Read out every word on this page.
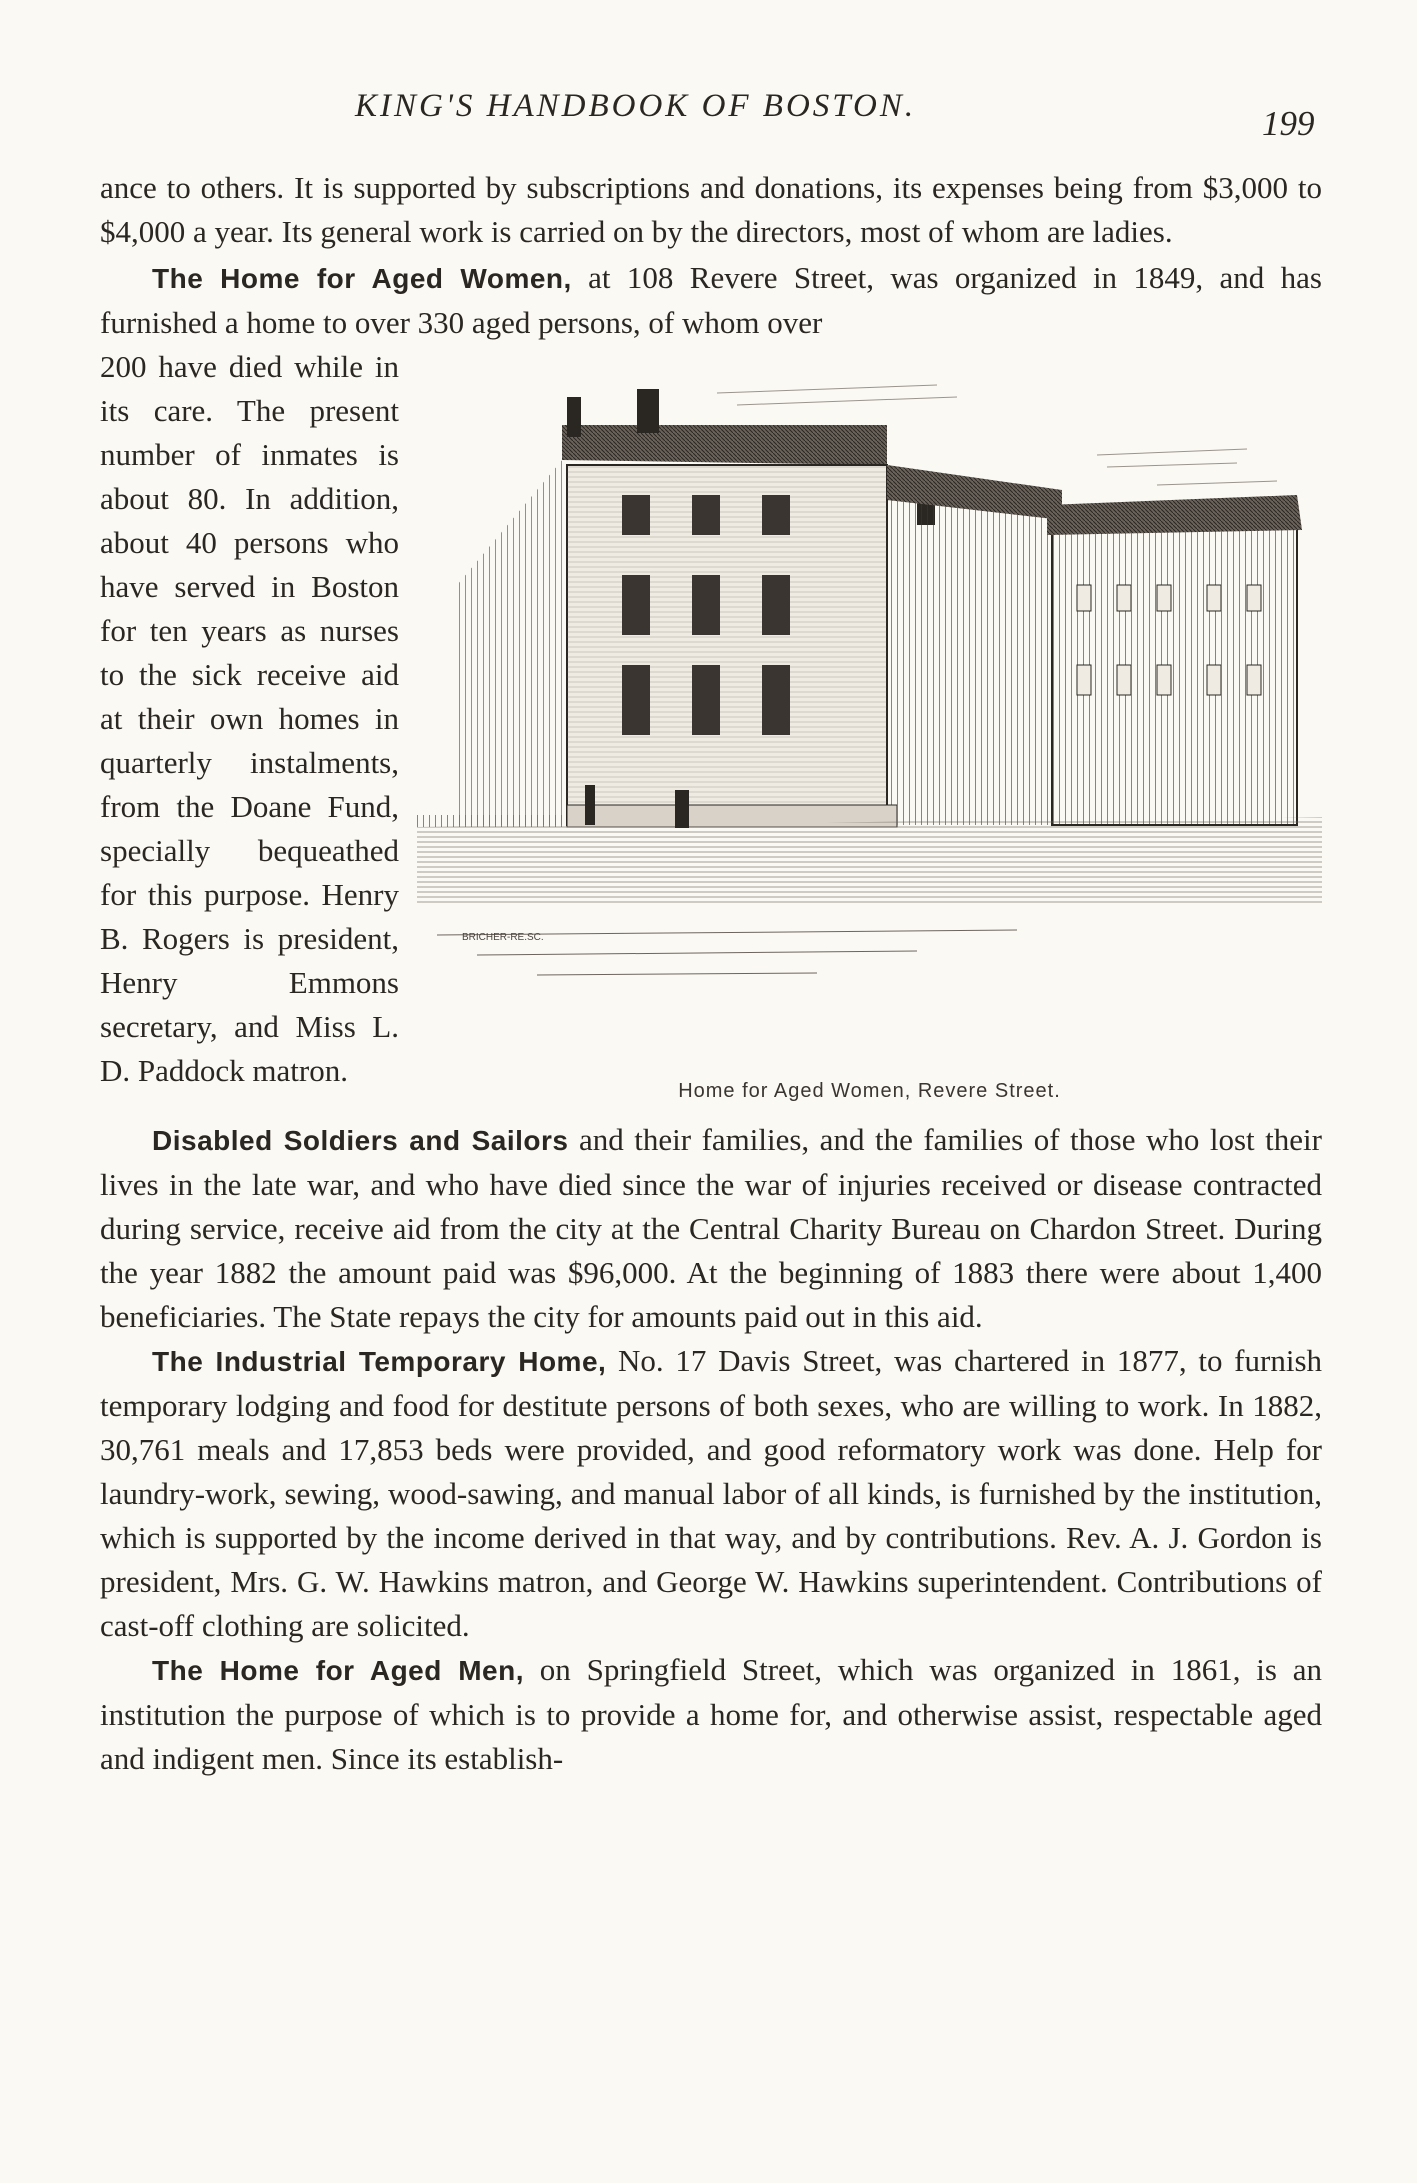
KING'S HANDBOOK OF BOSTON.	199

ance to others. It is supported by subscriptions and donations, its expenses being from $3,000 to $4,000 a year. Its general work is carried on by the directors, most of whom are ladies.

The Home for Aged Women, at 108 Revere Street, was organized in 1849, and has furnished a home to over 330 aged persons, of whom over

BRICHER-RE.SC.
Home for Aged Women, Revere Street.

200 have died while in its care. The present number of inmates is about 80. In addition, about 40 persons who have served in Boston for ten years as nurses to the sick receive aid at their own homes in quarterly instalments, from the Doane Fund, specially bequeathed for this purpose. Henry B. Rogers is president, Henry Emmons secretary, and Miss L. D. Paddock matron.

Disabled Soldiers and Sailors and their families, and the families of those who lost their lives in the late war, and who have died since the war of injuries received or disease contracted during service, receive aid from the city at the Central Charity Bureau on Chardon Street. During the year 1882 the amount paid was $96,000. At the beginning of 1883 there were about 1,400 beneficiaries. The State repays the city for amounts paid out in this aid.

The Industrial Temporary Home, No. 17 Davis Street, was chartered in 1877, to furnish temporary lodging and food for destitute persons of both sexes, who are willing to work. In 1882, 30,761 meals and 17,853 beds were provided, and good reformatory work was done. Help for laundry-work, sewing, wood-sawing, and manual labor of all kinds, is furnished by the institution, which is supported by the income derived in that way, and by contributions. Rev. A. J. Gordon is president, Mrs. G. W. Hawkins matron, and George W. Hawkins superintendent. Contributions of cast-off clothing are solicited.

The Home for Aged Men, on Springfield Street, which was organized in 1861, is an institution the purpose of which is to provide a home for, and otherwise assist, respectable aged and indigent men. Since its establish-
